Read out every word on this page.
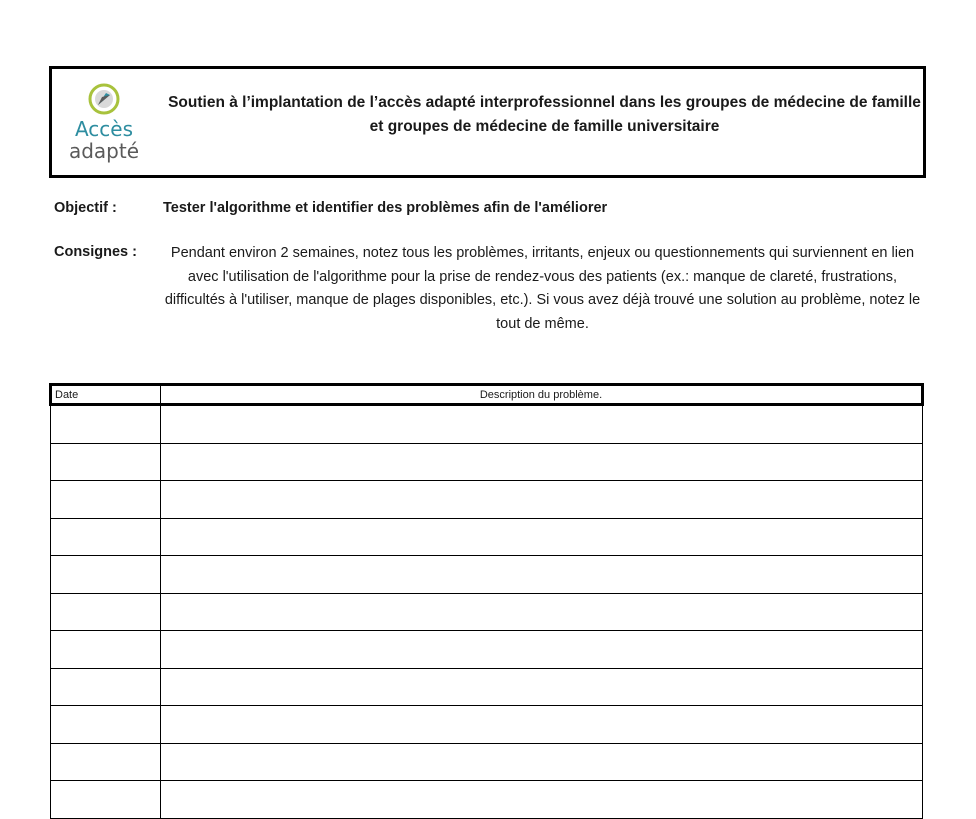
Accès
adapté
Soutien à l’implantation de l’accès adapté interprofessionnel dans les groupes de médecine de famille et groupes de médecine de famille universitaire
Objectif :	Tester l'algorithme et identifier des problèmes afin de l'améliorer
Consignes :	Pendant environ 2 semaines, notez tous les problèmes, irritants, enjeux ou questionnements qui surviennent en lien avec l'utilisation de l'algorithme pour la prise de rendez-vous des patients (ex.: manque de clareté, frustrations, difficultés à l'utiliser, manque de plages disponibles, etc.). Si vous avez déjà trouvé une solution au problème, notez le tout de même.
Date	Description du problème.
